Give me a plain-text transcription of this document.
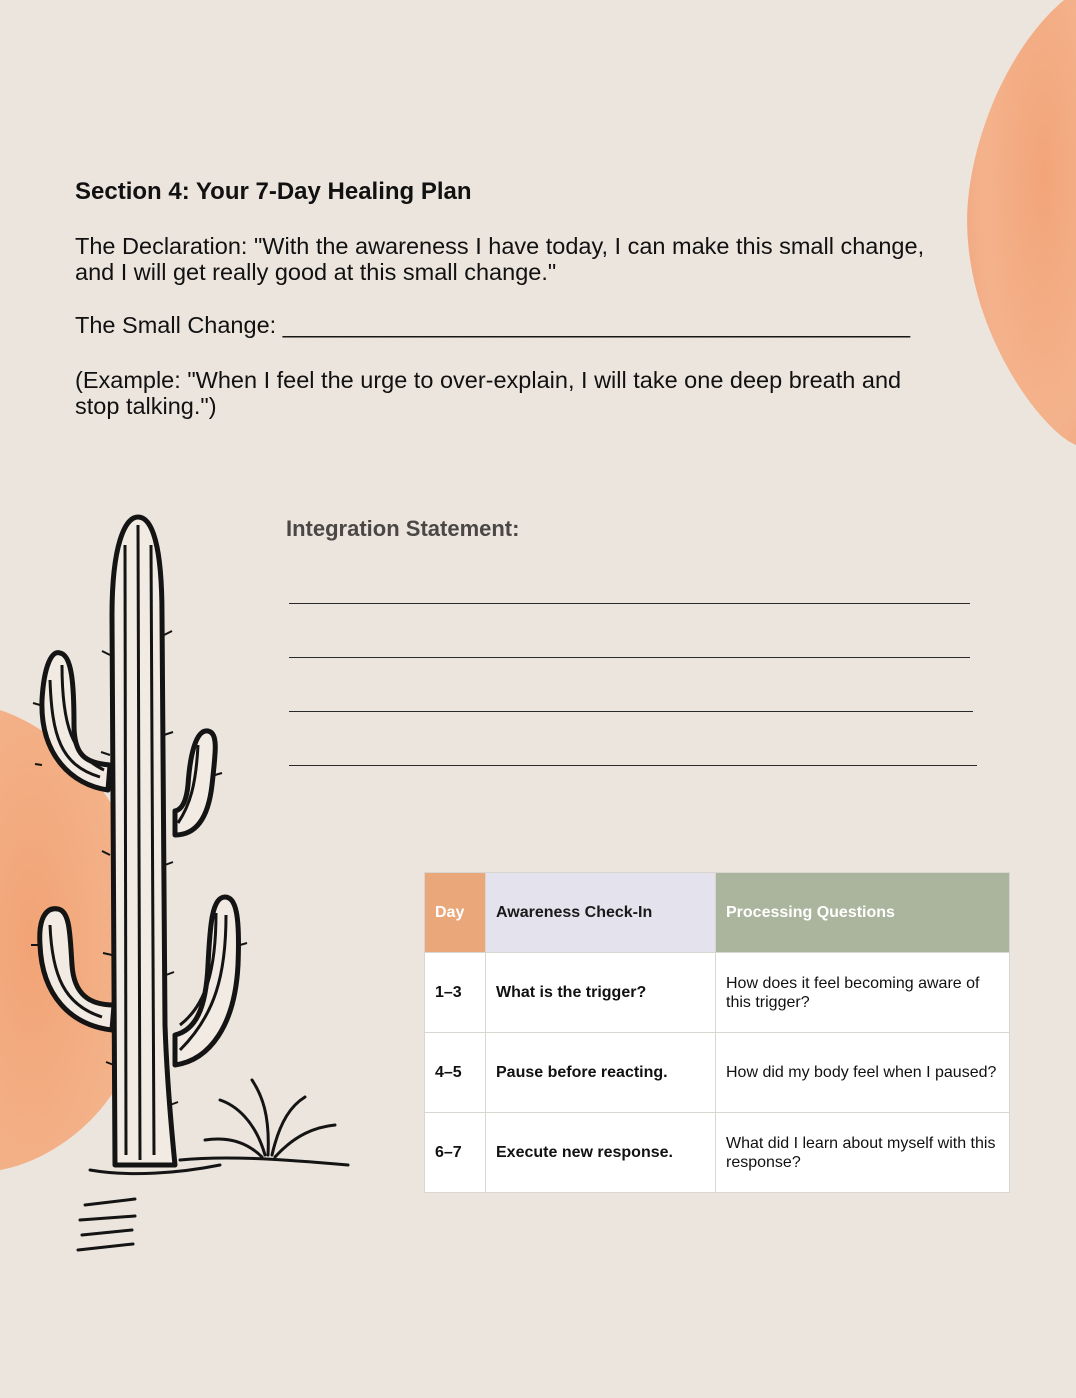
Section 4: Your 7-Day Healing Plan

The Declaration: "With the awareness I have today, I can make this small change, and I will get really good at this small change."

The Small Change: ________________________________________________

(Example: "When I feel the urge to over-explain, I will take one deep breath and stop talking.")

Integration Statement:

Day	Awareness Check-In	Processing Questions
1–3	What is the trigger?	How does it feel becoming aware of this trigger?
4–5	Pause before reacting.	How did my body feel when I paused?
6–7	Execute new response.	What did I learn about myself with this response?
